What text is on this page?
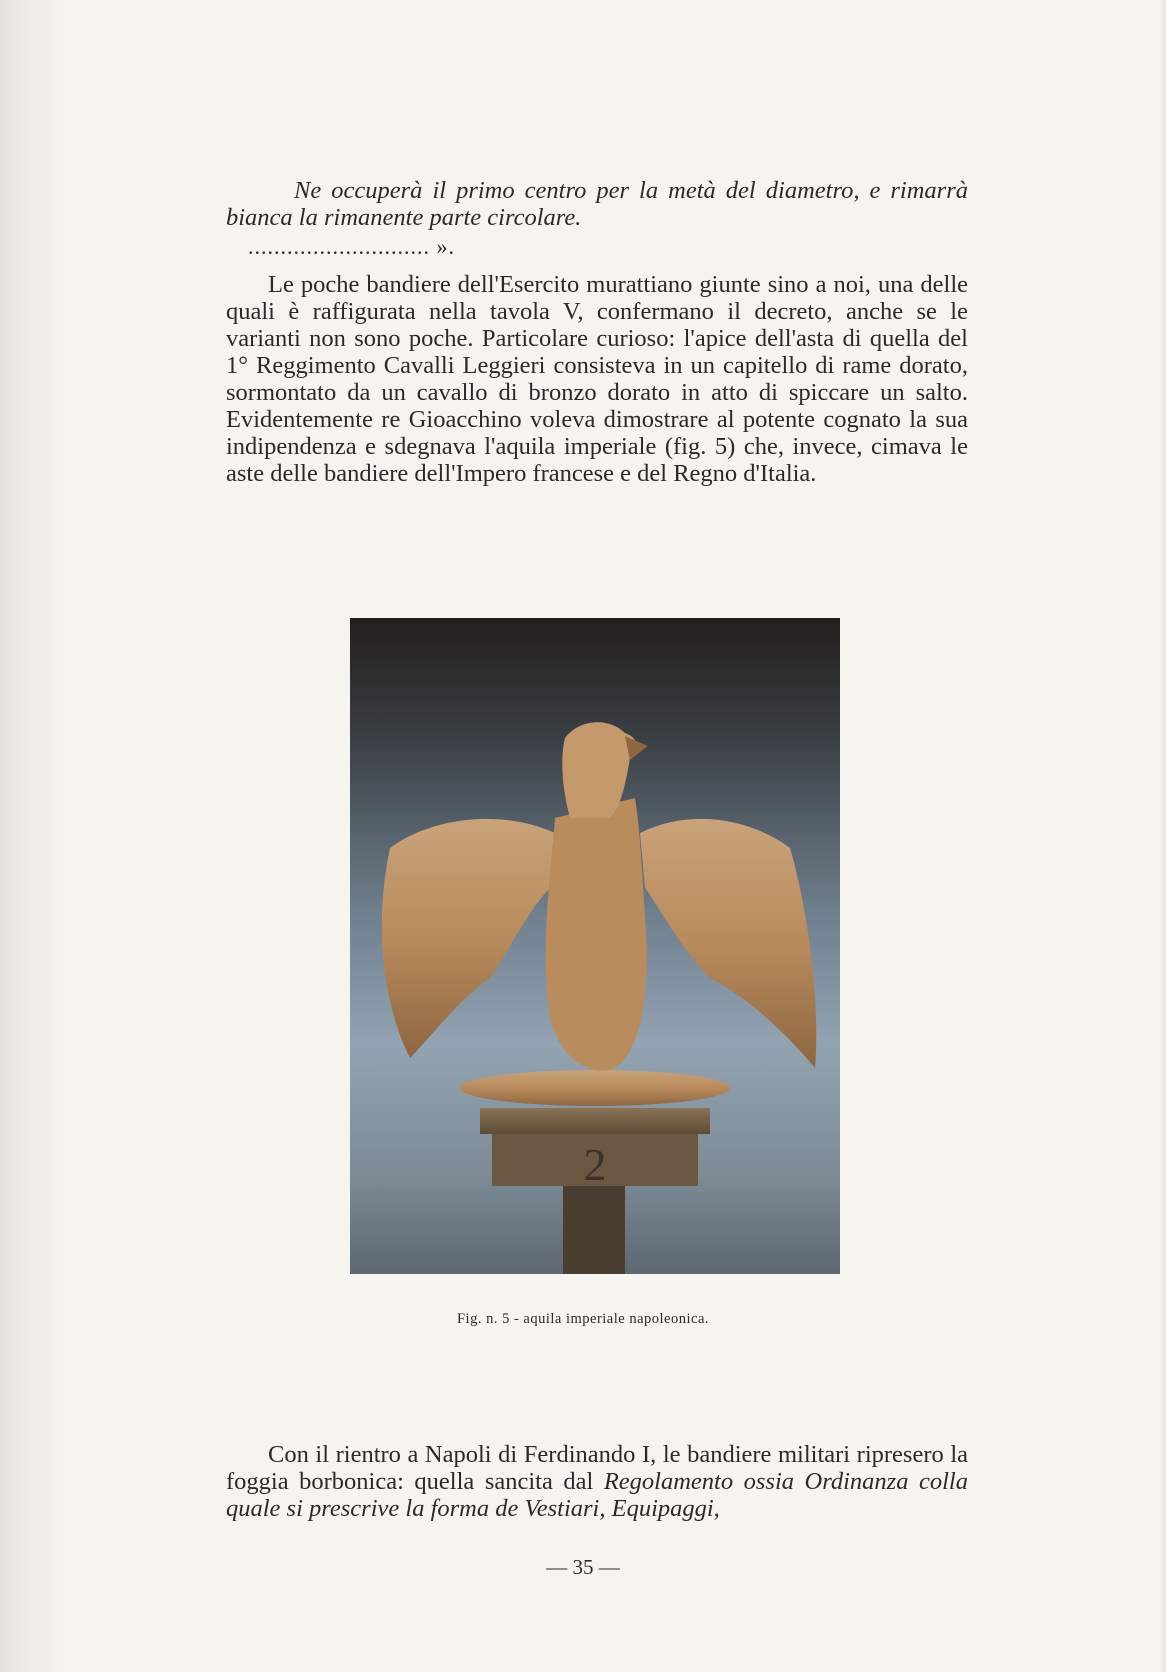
Ne occuperà il primo centro per la metà del diametro, e rimarrà bianca la rimanente parte circolare.
............................ ».
Le poche bandiere dell'Esercito murattiano giunte sino a noi, una delle quali è raffigurata nella tavola V, confermano il decreto, anche se le varianti non sono poche. Particolare curioso: l'apice dell'asta di quella del 1° Reggimento Cavalli Leggieri consisteva in un capitello di rame dorato, sormontato da un cavallo di bronzo dorato in atto di spiccare un salto. Evidentemente re Gioacchino voleva dimostrare al potente cognato la sua indipendenza e sdegnava l'aquila imperiale (fig. 5) che, invece, cimava le aste delle bandiere dell'Impero francese e del Regno d'Italia.
2
Fig. n. 5 - aquila imperiale napoleonica.
Con il rientro a Napoli di Ferdinando I, le bandiere militari ripresero la foggia borbonica: quella sancita dal Regolamento ossia Ordinanza colla quale si prescrive la forma de Vestiari, Equipaggi,
— 35 —
